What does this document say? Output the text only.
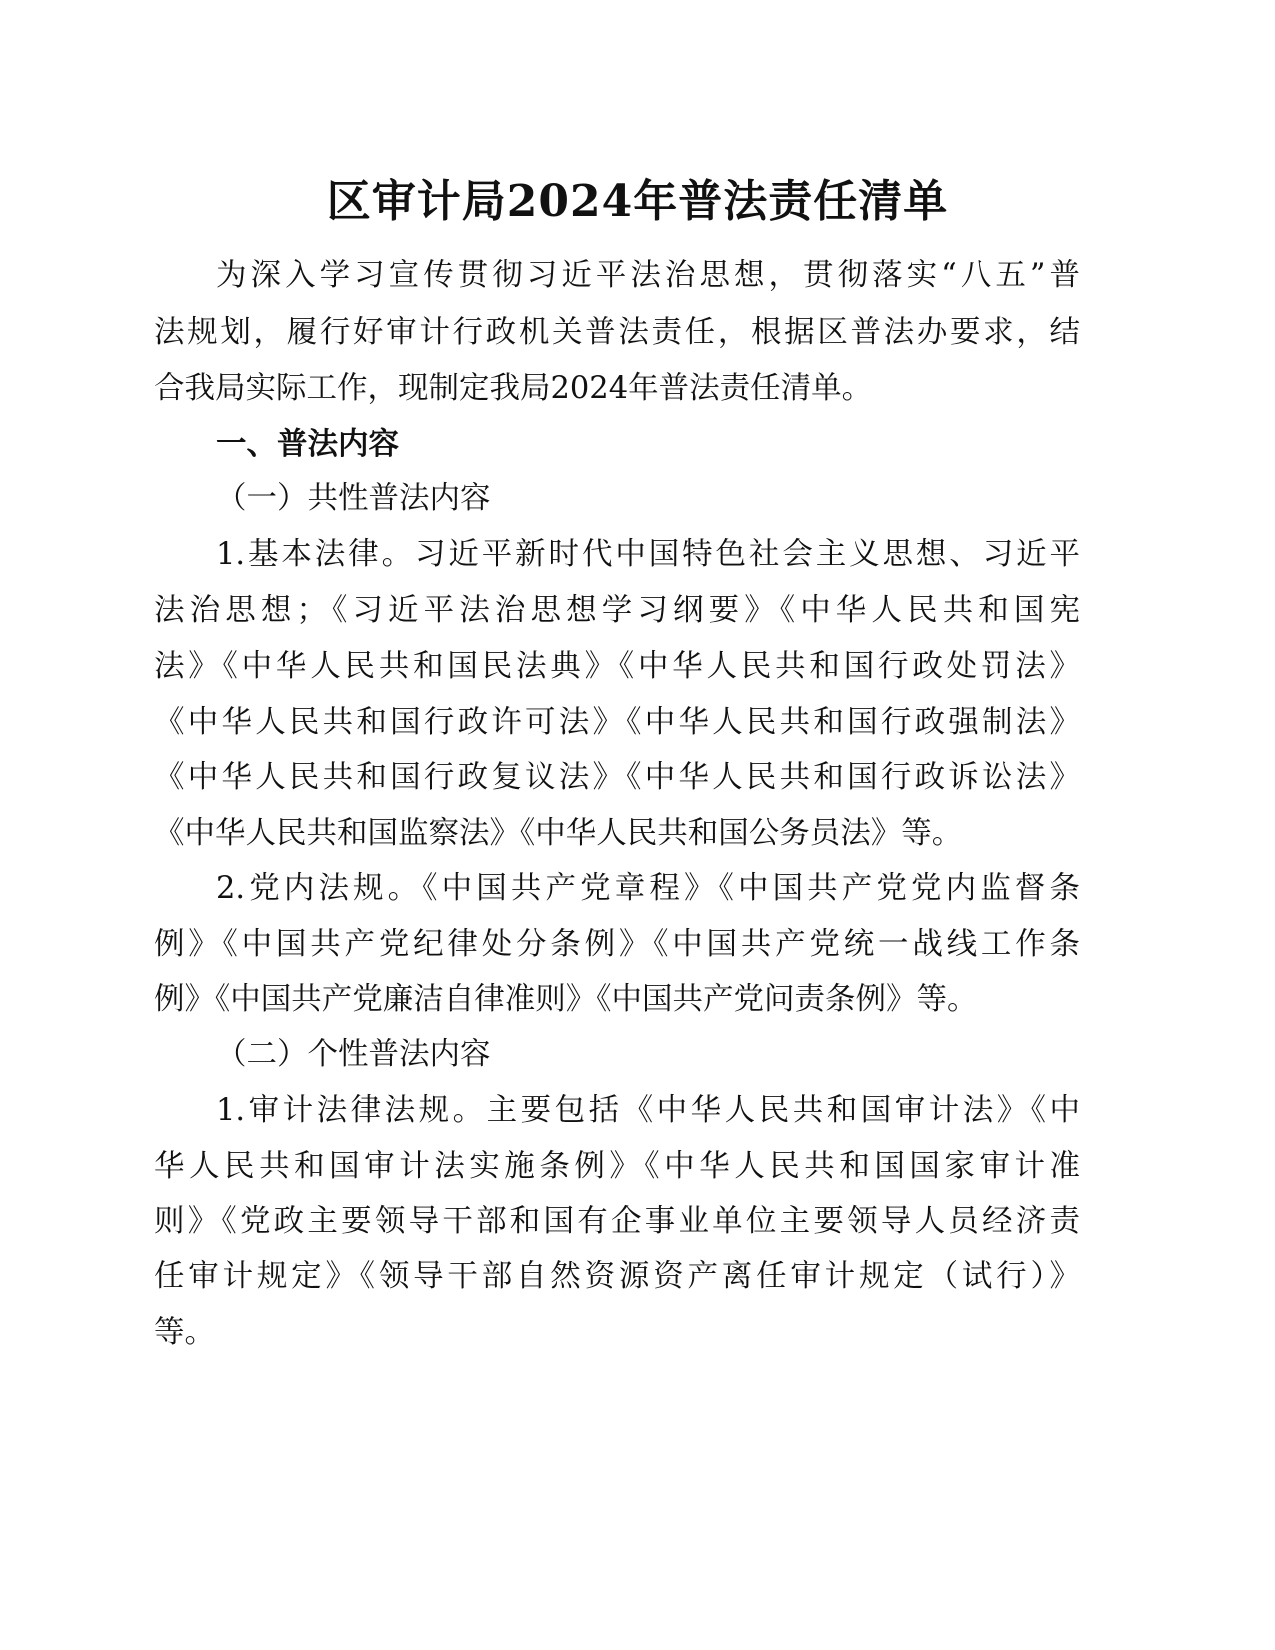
区审计局2024年普法责任清单

为深入学习宣传贯彻习近平法治思想，贯彻落实“八五”普

法规划，履行好审计行政机关普法责任，根据区普法办要求，结

合我局实际工作，现制定我局2024年普法责任清单。

一、普法内容

（一）共性普法内容

1.基本法律。习近平新时代中国特色社会主义思想、习近平

法治思想；《习近平法治思想学习纲要》《中华人民共和国宪

法》《中华人民共和国民法典》《中华人民共和国行政处罚法》

《中华人民共和国行政许可法》《中华人民共和国行政强制法》

《中华人民共和国行政复议法》《中华人民共和国行政诉讼法》

《中华人民共和国监察法》《中华人民共和国公务员法》等。

2.党内法规。《中国共产党章程》《中国共产党党内监督条

例》《中国共产党纪律处分条例》《中国共产党统一战线工作条

例》《中国共产党廉洁自律准则》《中国共产党问责条例》等。

（二）个性普法内容

1.审计法律法规。主要包括《中华人民共和国审计法》《中

华人民共和国审计法实施条例》《中华人民共和国国家审计准

则》《党政主要领导干部和国有企事业单位主要领导人员经济责

任审计规定》《领导干部自然资源资产离任审计规定（试行）》

等。
